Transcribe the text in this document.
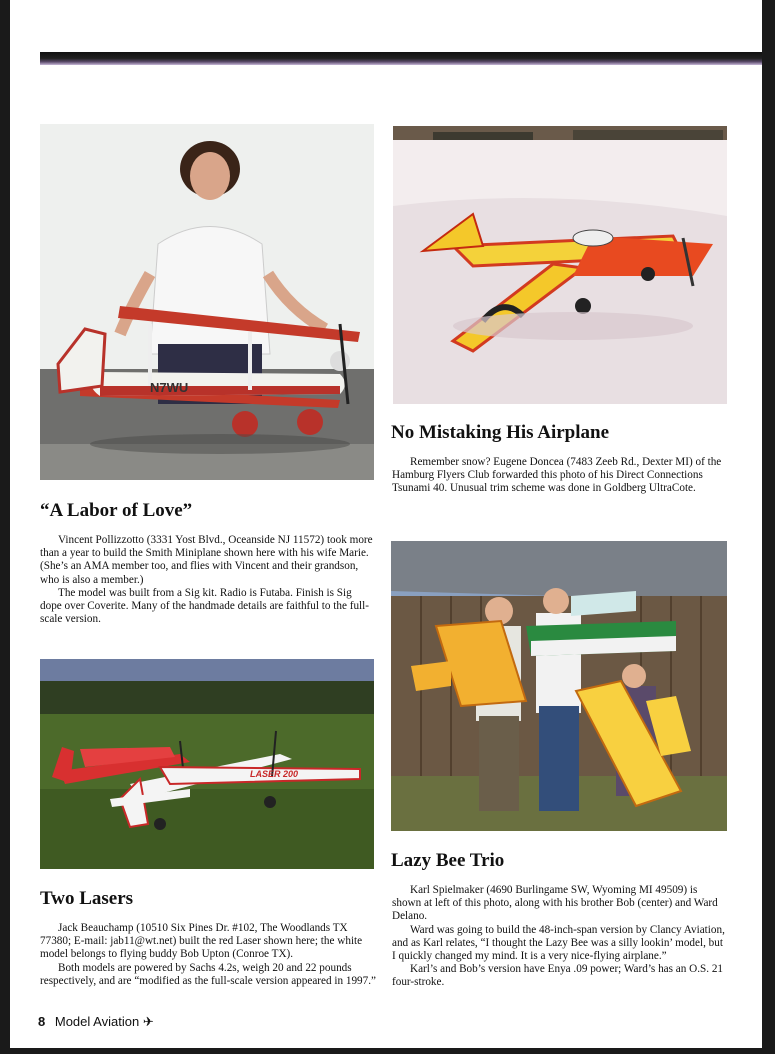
N7WU
No Mistaking His Airplane

Remember snow? Eugene Doncea (7483 Zeeb Rd., Dexter MI) of the Hamburg Flyers Club forwarded this photo of his Direct Connections Tsunami 40. Unusual trim scheme was done in Goldberg UltraCote.

“A Labor of Love”

Vincent Pollizzotto (3331 Yost Blvd., Oceanside NJ 11572) took more than a year to build the Smith Miniplane shown here with his wife Marie. (She’s an AMA member too, and flies with Vincent and their grandson, who is also a member.)

The model was built from a Sig kit. Radio is Futaba. Finish is Sig dope over Coverite. Many of the handmade details are faithful to the full-scale version.

LASER 200
Lazy Bee Trio

Karl Spielmaker (4690 Burlingame SW, Wyoming MI 49509) is shown at left of this photo, along with his brother Bob (center) and Ward Delano.

Ward was going to build the 48-inch-span version by Clancy Aviation, and as Karl relates, “I thought the Lazy Bee was a silly lookin’ model, but I quickly changed my mind. It is a very nice-flying airplane.”

Karl’s and Bob’s version have Enya .09 power; Ward’s has an O.S. 21 four-stroke.

Two Lasers

Jack Beauchamp (10510 Six Pines Dr. #102, The Woodlands TX 77380; E-mail: jab11@wt.net) built the red Laser shown here; the white model belongs to flying buddy Bob Upton (Conroe TX).

Both models are powered by Sachs 4.2s, weigh 20 and 22 pounds respectively, and are “modified as the full-scale version appeared in 1997.”

8 Model Aviation ✈
